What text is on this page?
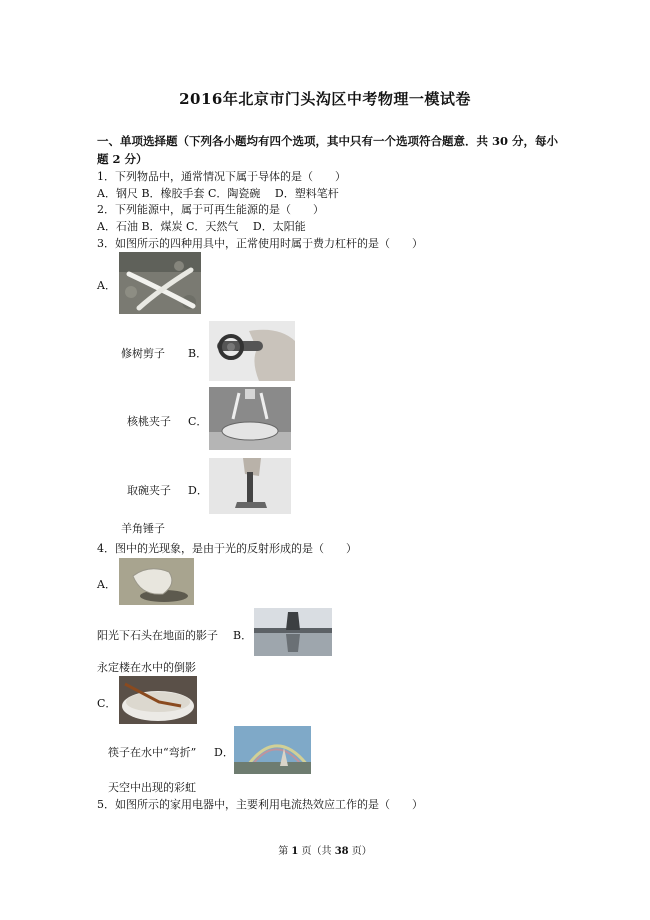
2016年北京市门头沟区中考物理一模试卷
一、单项选择题（下列各小题均有四个选项，其中只有一个选项符合题意．共 30 分，每小
题 2 分）
1．下列物品中，通常情况下属于导体的是（　　）
A．钢尺 B．橡胶手套 C．陶瓷碗　 D．塑料笔杆
2．下列能源中，属于可再生能源的是（　　）
A．石油 B．煤炭 C．天然气　 D．太阳能
3．如图所示的四种用具中，正常使用时属于费力杠杆的是（　　）
A．
修树剪子 B．
核桃夹子 C．
取碗夹子 D．
羊角锤子
4．图中的光现象，是由于光的反射形成的是（　　）
A．
阳光下石头在地面的影子 B．
永定楼在水中的倒影
C．
筷子在水中“弯折” D．
天空中出现的彩虹
5．如图所示的家用电器中，主要利用电流热效应工作的是（　　）
第 1 页（共 38 页）
